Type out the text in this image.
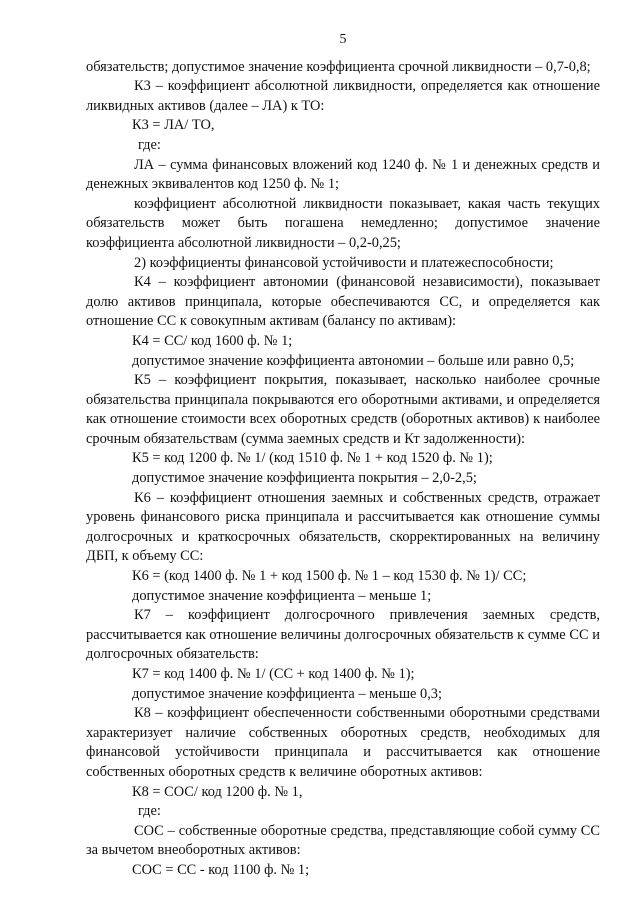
5

обязательств; допустимое значение коэффициента срочной ликвидности – 0,7-0,8;

К3 – коэффициент абсолютной ликвидности, определяется как отношение ликвидных активов (далее – ЛА) к ТО:

К3 = ЛА/ ТО,

где:

ЛА – сумма финансовых вложений код 1240 ф. № 1 и денежных средств и денежных эквивалентов код 1250 ф. № 1;

коэффициент абсолютной ликвидности показывает, какая часть текущих обязательств может быть погашена немедленно; допустимое значение коэффициента абсолютной ликвидности – 0,2-0,25;

2) коэффициенты финансовой устойчивости и платежеспособности;

К4 – коэффициент автономии (финансовой независимости), показывает долю активов принципала, которые обеспечиваются СС, и определяется как отношение СС к совокупным активам (балансу по активам):

К4 = СС/ код 1600 ф. № 1;

допустимое значение коэффициента автономии – больше или равно 0,5;

К5 – коэффициент покрытия, показывает, насколько наиболее срочные обязательства принципала покрываются его оборотными активами, и определяется как отношение стоимости всех оборотных средств (оборотных активов) к наиболее срочным обязательствам (сумма заемных средств и Кт задолженности):

К5 = код 1200 ф. № 1/ (код 1510 ф. № 1 + код 1520 ф. № 1);

допустимое значение коэффициента покрытия – 2,0-2,5;

К6 – коэффициент отношения заемных и собственных средств, отражает уровень финансового риска принципала и рассчитывается как отношение суммы долгосрочных и краткосрочных обязательств, скорректированных на величину ДБП, к объему СС:

К6 = (код 1400 ф. № 1 + код 1500 ф. № 1 – код 1530 ф. № 1)/ СС;

допустимое значение коэффициента – меньше 1;

К7 – коэффициент долгосрочного привлечения заемных средств, рассчитывается как отношение величины долгосрочных обязательств к сумме СС и долгосрочных обязательств:

К7 = код 1400 ф. № 1/ (СС + код 1400 ф. № 1);

допустимое значение коэффициента – меньше 0,3;

К8 – коэффициент обеспеченности собственными оборотными средствами характеризует наличие собственных оборотных средств, необходимых для финансовой устойчивости принципала и рассчитывается как отношение собственных оборотных средств к величине оборотных активов:

К8 = СОС/ код 1200 ф. № 1,

где:

СОС – собственные оборотные средства, представляющие собой сумму СС за вычетом внеоборотных активов:

СОС = СС - код 1100 ф. № 1;
